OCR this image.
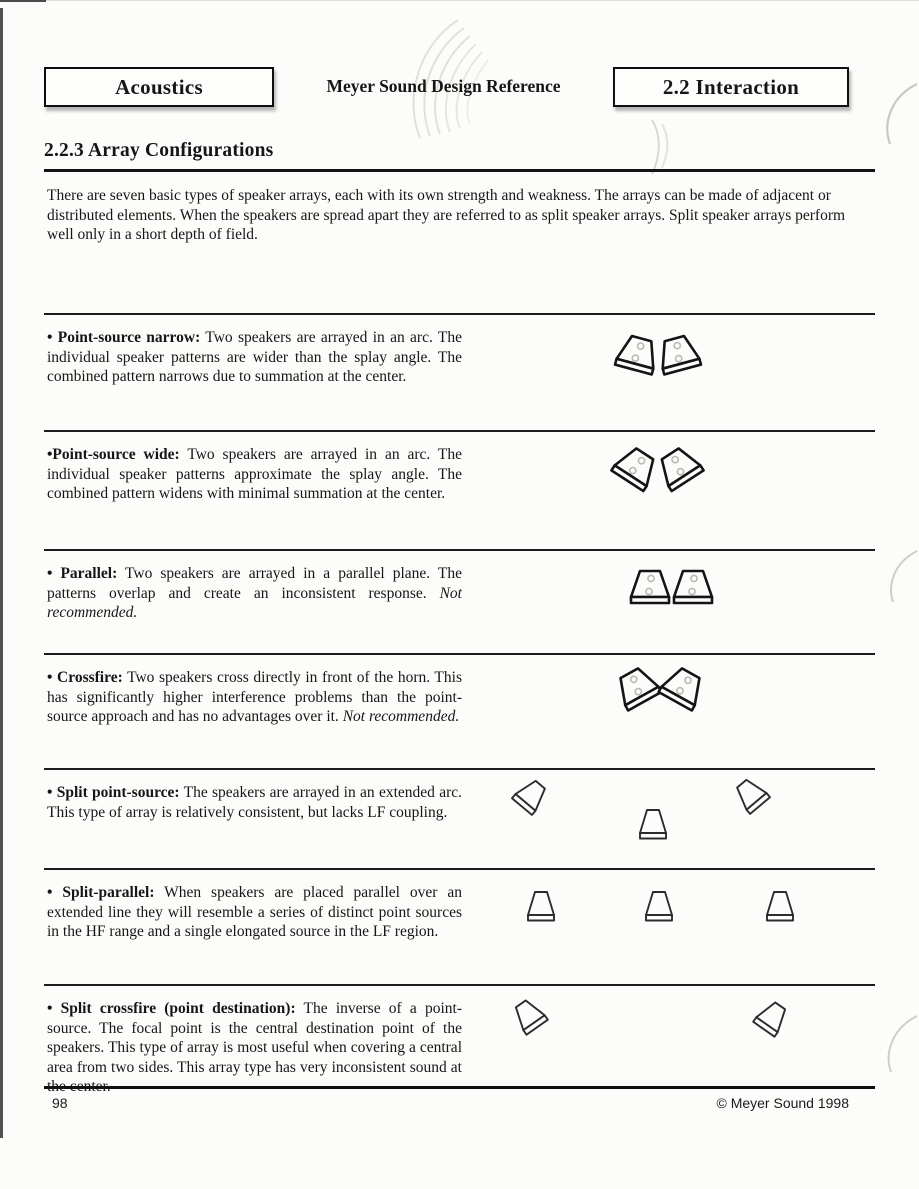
Acoustics	Meyer Sound Design Reference	2.2 Interaction
2.2.3 Array Configurations

There are seven basic types of speaker arrays, each with its own strength and weakness. The arrays can be made of adjacent or distributed elements. When the speakers are spread apart they are referred to as split speaker arrays. Split speaker arrays perform well only in a short depth of field.

• Point-source narrow: Two speakers are arrayed in an arc. The individual speaker patterns are wider than the splay angle. The combined pattern narrows due to summation at the center.

•Point-source wide: Two speakers are arrayed in an arc. The individual speaker patterns approximate the splay angle. The combined pattern widens with minimal summation at the center.

• Parallel: Two speakers are arrayed in a parallel plane. The patterns overlap and create an inconsistent response. Not recommended.

• Crossfire: Two speakers cross directly in front of the horn. This has significantly higher interference problems than the point-source approach and has no advantages over it. Not recommended.

• Split point-source: The speakers are arrayed in an extended arc. This type of array is relatively consistent, but lacks LF coupling.

• Split-parallel: When speakers are placed parallel over an extended line they will resemble a series of distinct point sources in the HF range and a single elongated source in the LF region.

• Split crossfire (point destination): The inverse of a point-source. The focal point is the central destination point of the speakers. This type of array is most useful when covering a central area from two sides. This array type has very inconsistent sound at the center.

98	© Meyer Sound 1998
